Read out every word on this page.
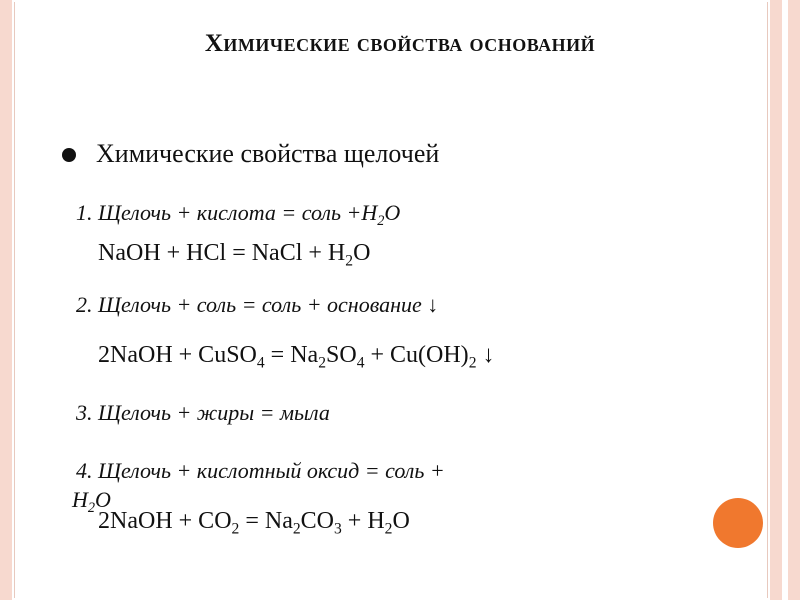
Химические свойства оснований
Химические свойства щелочей
1. Щелочь + кислота = соль $+Н_2О$
NaOH + HCl = NaCl + $H_2O$
2. Щелочь + соль = соль + основание ↓
2NaOH + CuSO$_4$ = $Na_2SO_4 + Cu(OH)_2$ ↓
3. Щелочь + жиры = мыла
4. Щелочь + кислотный оксид = соль +
$Н_2О$
2NaOH + $CO_2 = Na_2CO_3 + H_2O$
